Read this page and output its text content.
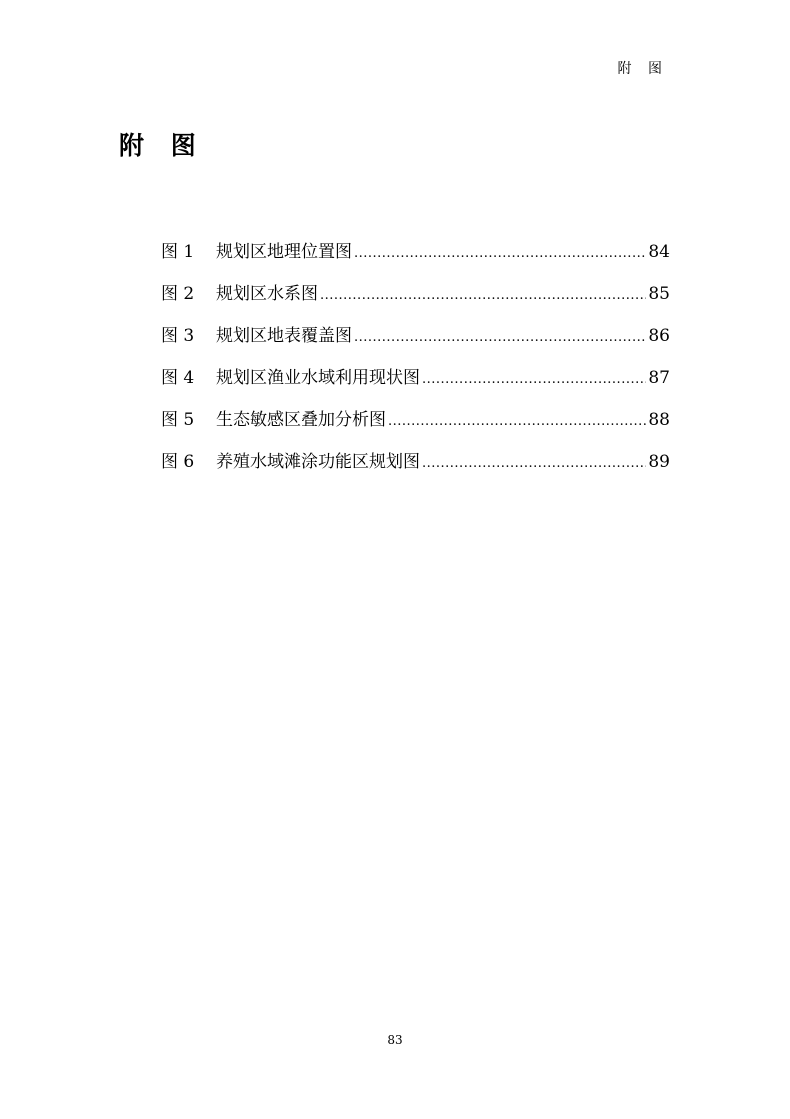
附 图
附 图
图 1	规划区地理位置图 .....	84
图 2	规划区水系图 .....	85
图 3	规划区地表覆盖图 .....	86
图 4	规划区渔业水域利用现状图 .....	87
图 5	生态敏感区叠加分析图 .....	88
图 6	养殖水域滩涂功能区规划图 .....	89
83
